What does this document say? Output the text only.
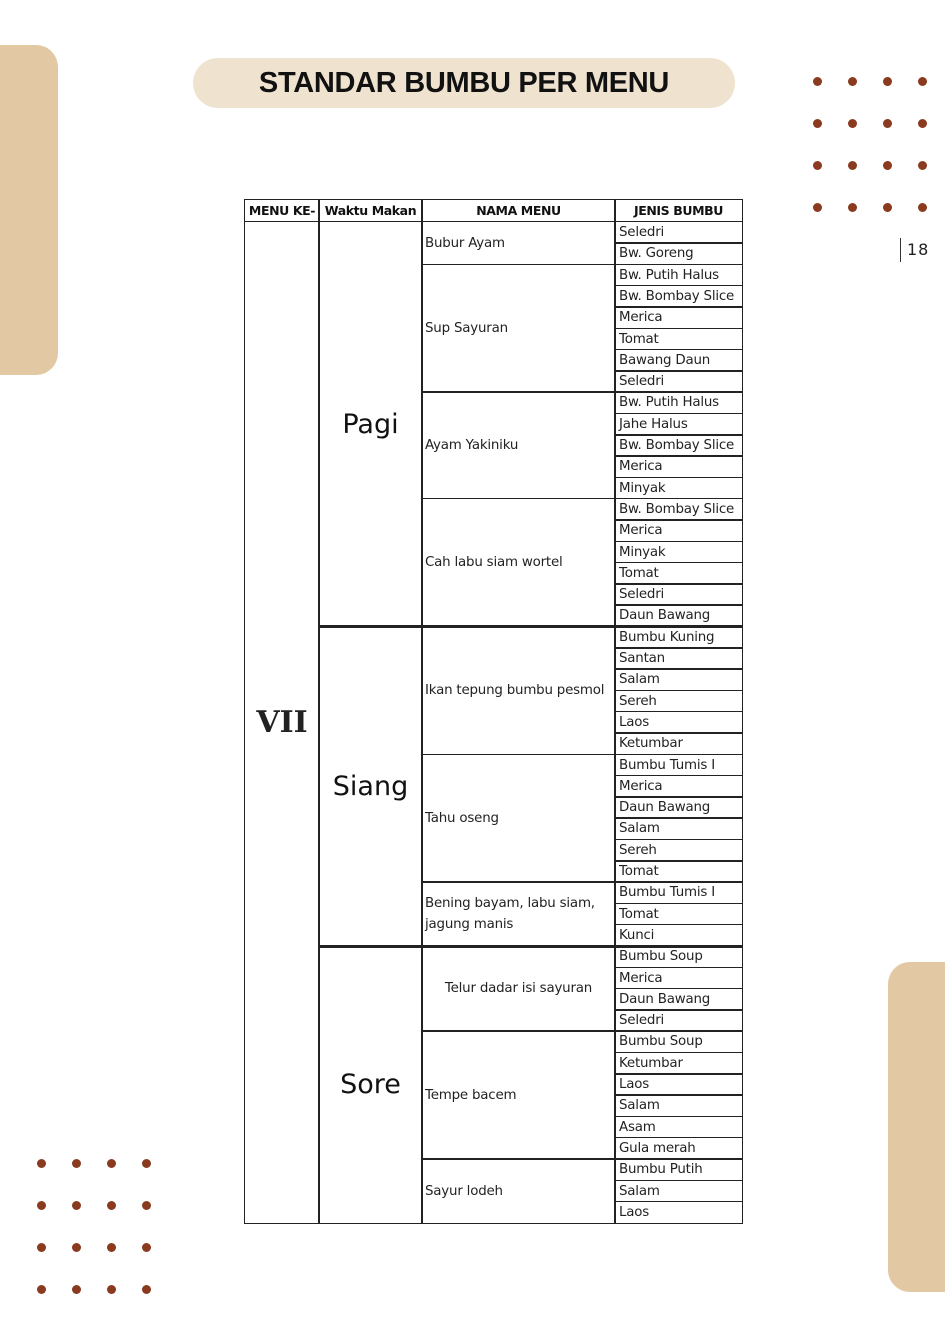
STANDAR BUMBU PER MENU
18
MENU KE- Waktu Makan	NAMA MENU	JENIS BUMBU
VII
Seledri
Bw. Goreng
Bubur Ayam
Bw. Putih Halus
Bw. Bombay Slice
Merica
Tomat
Bawang Daun
Seledri
Sup Sayuran
Bw. Putih Halus
Jahe Halus
Bw. Bombay Slice
Merica
Minyak
Ayam Yakiniku
Bw. Bombay Slice
Merica
Minyak
Tomat
Seledri
Daun Bawang
Cah labu siam wortel
Pagi
Bumbu Kuning
Santan
Salam
Sereh
Laos
Ketumbar
Ikan tepung bumbu pesmol
Bumbu Tumis I
Merica
Daun Bawang
Salam
Sereh
Tomat
Tahu oseng
Bumbu Tumis I
Tomat
Kunci
Bening bayam, labu siam, jagung manis
Siang
Bumbu Soup
Merica
Daun Bawang
Seledri
Telur dadar isi sayuran
Bumbu Soup
Ketumbar
Laos
Salam
Asam
Gula merah
Tempe bacem
Bumbu Putih
Salam
Laos
Sayur lodeh
Sore
